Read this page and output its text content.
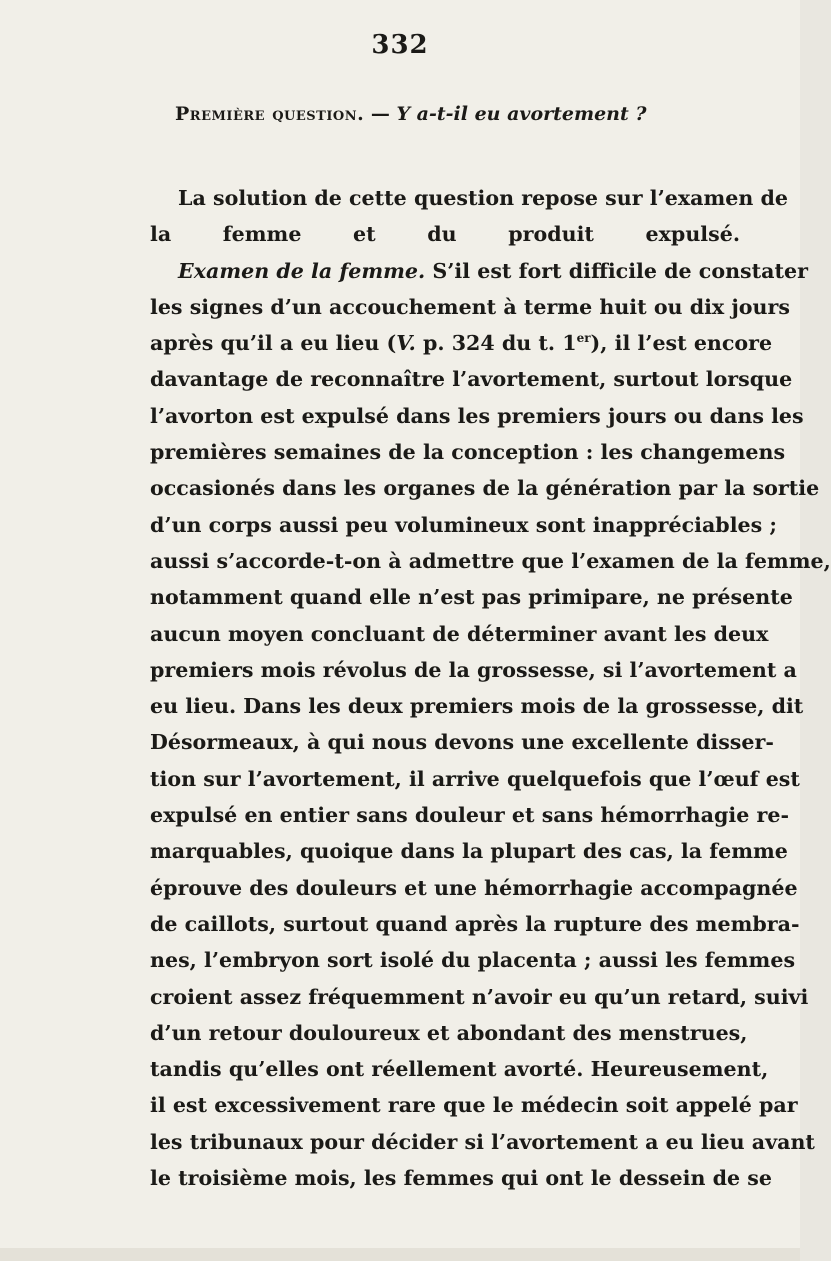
332
Première question. — Y a-t-il eu avortement ?
La solution de cette question repose sur l’examen de
la femme et du produit expulsé.
Examen de la femme. S’il est fort difficile de constater
les signes d’un accouchement à terme huit ou dix jours
après qu’il a eu lieu (V. p. 324 du t. 1er), il l’est encore
davantage de reconnaître l’avortement, surtout lorsque
l’avorton est expulsé dans les premiers jours ou dans les
premières semaines de la conception : les changemens
occasionés dans les organes de la génération par la sortie
d’un corps aussi peu volumineux sont inappréciables ;
aussi s’accorde-t-on à admettre que l’examen de la femme,
notamment quand elle n’est pas primipare, ne présente
aucun moyen concluant de déterminer avant les deux
premiers mois révolus de la grossesse, si l’avortement a
eu lieu. Dans les deux premiers mois de la grossesse, dit
Désormeaux, à qui nous devons une excellente disser-
tion sur l’avortement, il arrive quelquefois que l’œuf est
expulsé en entier sans douleur et sans hémorrhagie re-
marquables, quoique dans la plupart des cas, la femme
éprouve des douleurs et une hémorrhagie accompagnée
de caillots, surtout quand après la rupture des membra-
nes, l’embryon sort isolé du placenta ; aussi les femmes
croient assez fréquemment n’avoir eu qu’un retard, suivi
d’un retour douloureux et abondant des menstrues,
tandis qu’elles ont réellement avorté. Heureusement,
il est excessivement rare que le médecin soit appelé par
les tribunaux pour décider si l’avortement a eu lieu avant
le troisième mois, les femmes qui ont le dessein de se
